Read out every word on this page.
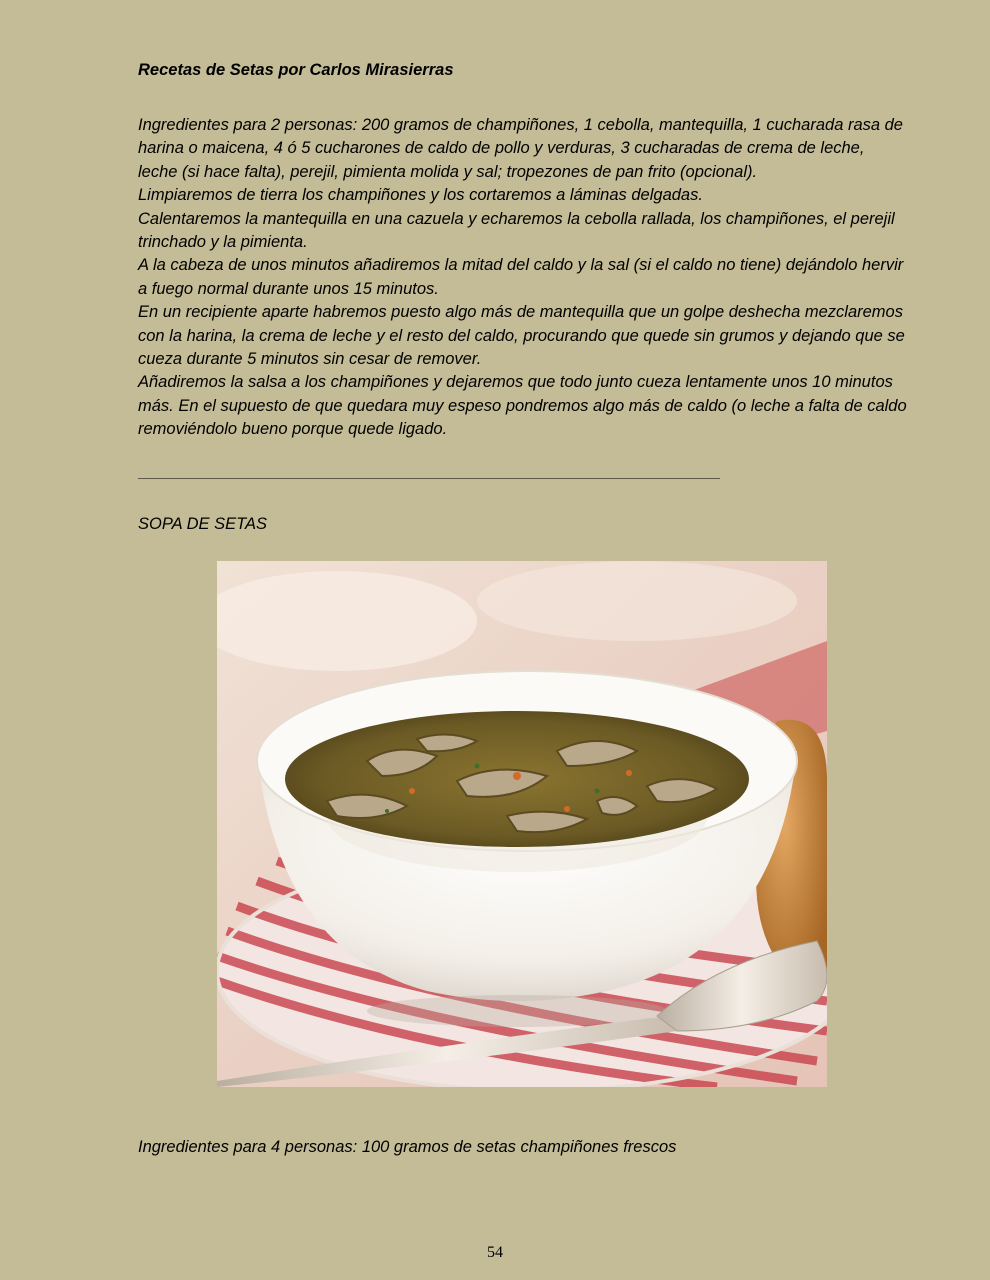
Recetas de Setas por Carlos Mirasierras

Ingredientes para 2 personas: 200 gramos de champiñones, 1 cebolla, mantequilla, 1 cucharada rasa de harina o maicena, 4 ó 5 cucharones de caldo de pollo y verduras, 3 cucharadas de crema de leche, leche (si hace falta), perejil, pimienta molida y sal; tropezones de pan frito (opcional).

Limpiaremos de tierra los champiñones y los cortaremos a láminas delgadas.

Calentaremos la mantequilla en una cazuela y echaremos la cebolla rallada, los champiñones, el perejil trinchado y la pimienta.

A la cabeza de unos minutos añadiremos la mitad del caldo y la sal (si el caldo no tiene) dejándolo hervir a fuego normal durante unos 15 minutos.

En un recipiente aparte habremos puesto algo más de mantequilla que un golpe deshecha mezclaremos con la harina, la crema de leche y el resto del caldo, procurando que quede sin grumos y dejando que se cueza durante 5 minutos sin cesar de remover.

Añadiremos la salsa a los champiñones y dejaremos que todo junto cueza lentamente unos 10 minutos más. En el supuesto de que quedara muy espeso pondremos algo más de caldo (o leche a falta de caldo removiéndolo bueno porque quede ligado.

SOPA DE SETAS

Ingredientes para 4 personas: 100 gramos de setas champiñones frescos

54
